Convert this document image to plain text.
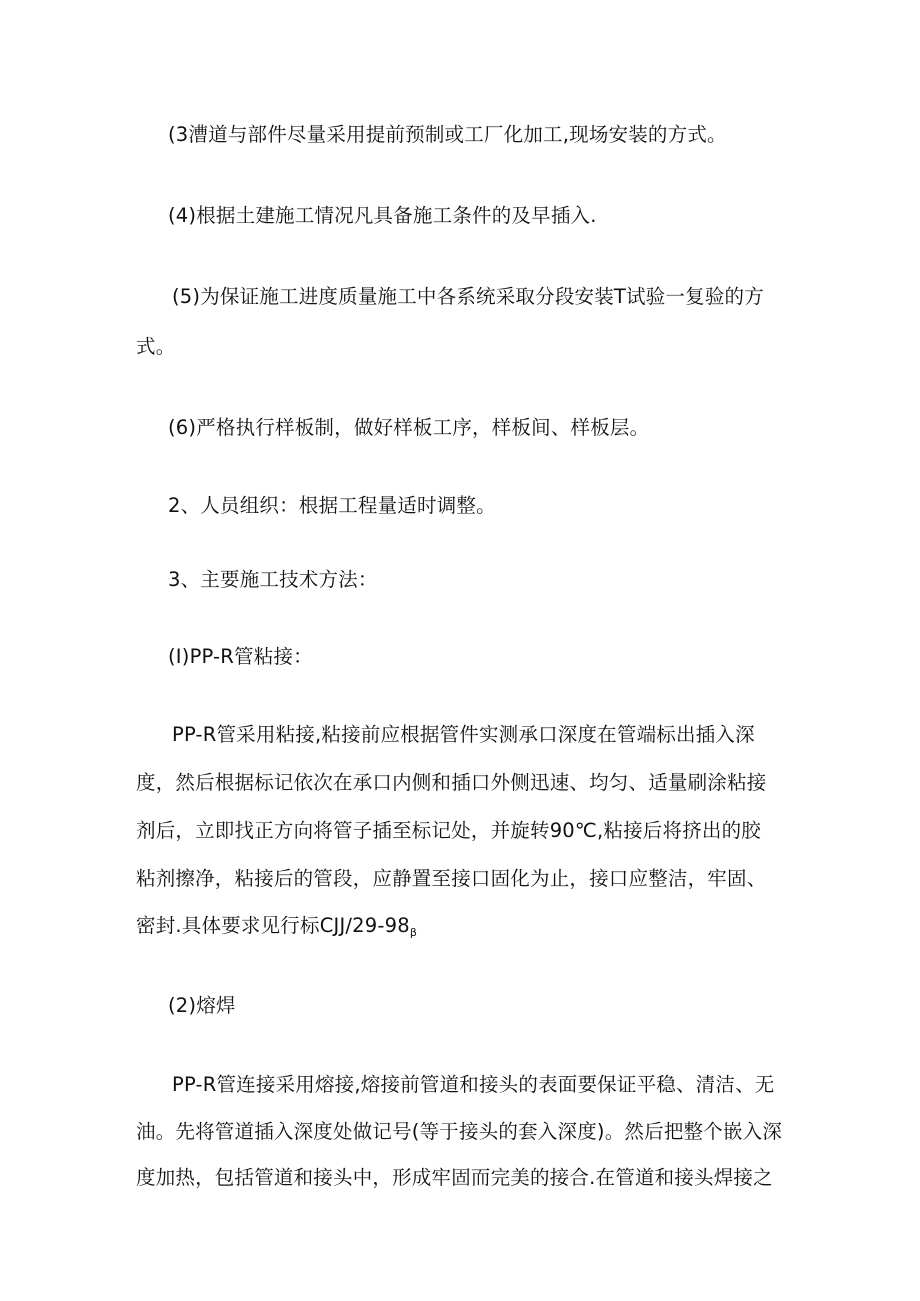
(3漕道与部件尽量采用提前预制或工厂化加工,现场安装的方式。
(4)根据土建施工情况凡具备施工条件的及早插入.
(5)为保证施工进度质量施工中各系统采取分段安装T试验一复验的方
式。
(6)严格执行样板制，做好样板工序，样板间、样板层。
2、人员组织：根据工程量适时调整。
3、主要施工技术方法：
(I)PP-R管粘接：
PP-R管采用粘接,粘接前应根据管件实测承口深度在管端标出插入深
度，然后根据标记依次在承口内侧和插口外侧迅速、均匀、适量刷涂粘接
剂后，立即找正方向将管子插至标记处，并旋转90℃,粘接后将挤出的胶
粘剂擦净，粘接后的管段，应静置至接口固化为止，接口应整洁，牢固、
密封.具体要求见行标$CJJ∕29-98_\beta$
(2)熔焊
PP-R管连接采用熔接,熔接前管道和接头的表面要保证平稳、清洁、无
油。先将管道插入深度处做记号(等于接头的套入深度)。然后把整个嵌入深
度加热，包括管道和接头中，形成牢固而完美的接合.在管道和接头焊接之
